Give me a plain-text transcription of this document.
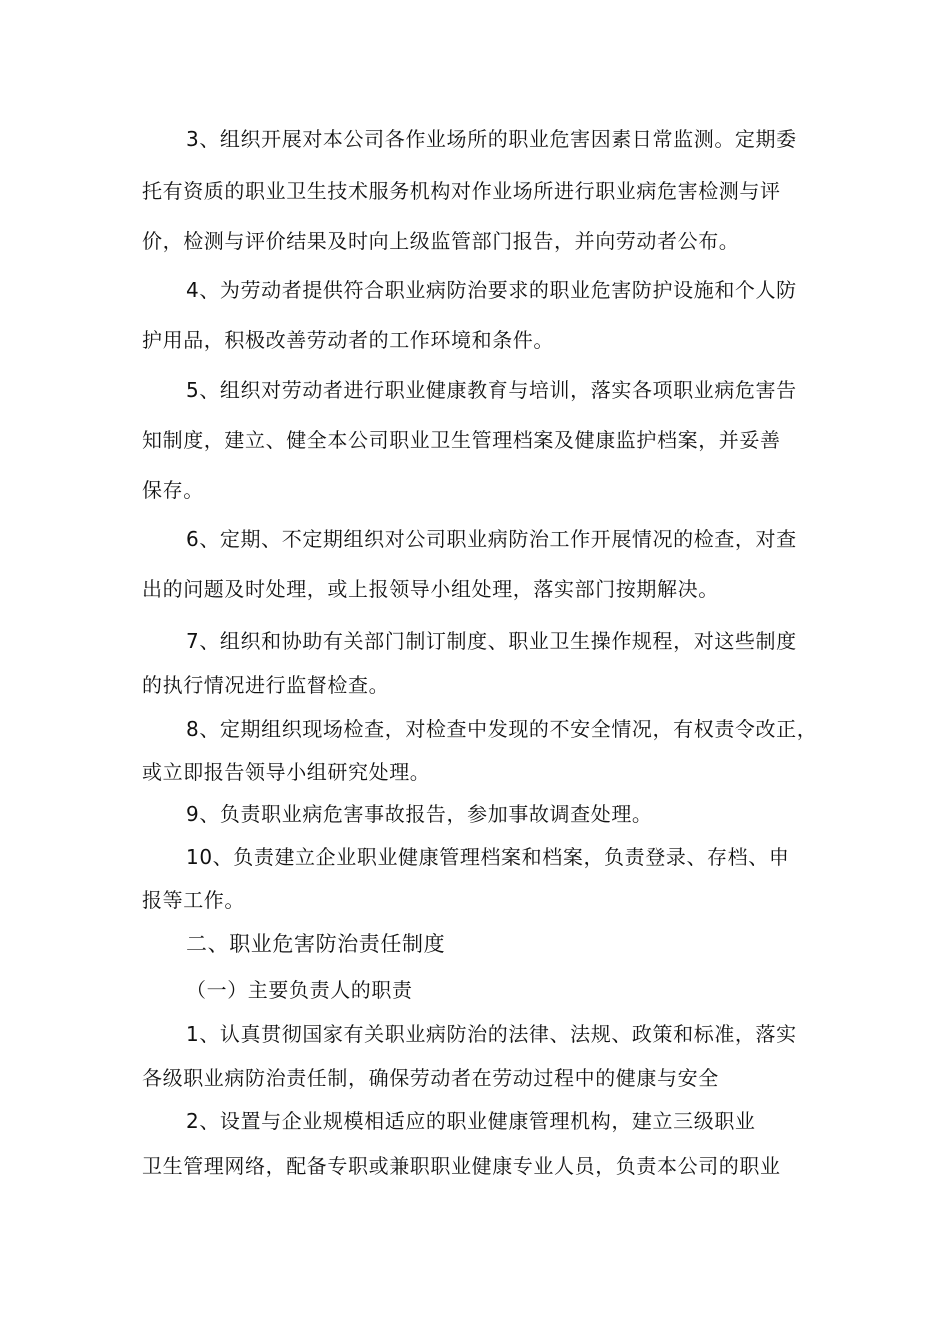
3、组织开展对本公司各作业场所的职业危害因素日常监测。定期委
托有资质的职业卫生技术服务机构对作业场所进行职业病危害检测与评
价，检测与评价结果及时向上级监管部门报告，并向劳动者公布。
4、为劳动者提供符合职业病防治要求的职业危害防护设施和个人防
护用品，积极改善劳动者的工作环境和条件。
5、组织对劳动者进行职业健康教育与培训，落实各项职业病危害告
知制度，建立、健全本公司职业卫生管理档案及健康监护档案，并妥善
保存。
6、定期、不定期组织对公司职业病防治工作开展情况的检查，对查
出的问题及时处理，或上报领导小组处理，落实部门按期解决。
7、组织和协助有关部门制订制度、职业卫生操作规程，对这些制度
的执行情况进行监督检查。
8、定期组织现场检查，对检查中发现的不安全情况，有权责令改正，
或立即报告领导小组研究处理。
9、负责职业病危害事故报告，参加事故调查处理。
10、负责建立企业职业健康管理档案和档案，负责登录、存档、申
报等工作。
二、职业危害防治责任制度
（一）主要负责人的职责
1、认真贯彻国家有关职业病防治的法律、法规、政策和标准，落实
各级职业病防治责任制，确保劳动者在劳动过程中的健康与安全
2、设置与企业规模相适应的职业健康管理机构，建立三级职业
卫生管理网络，配备专职或兼职职业健康专业人员，负责本公司的职业
